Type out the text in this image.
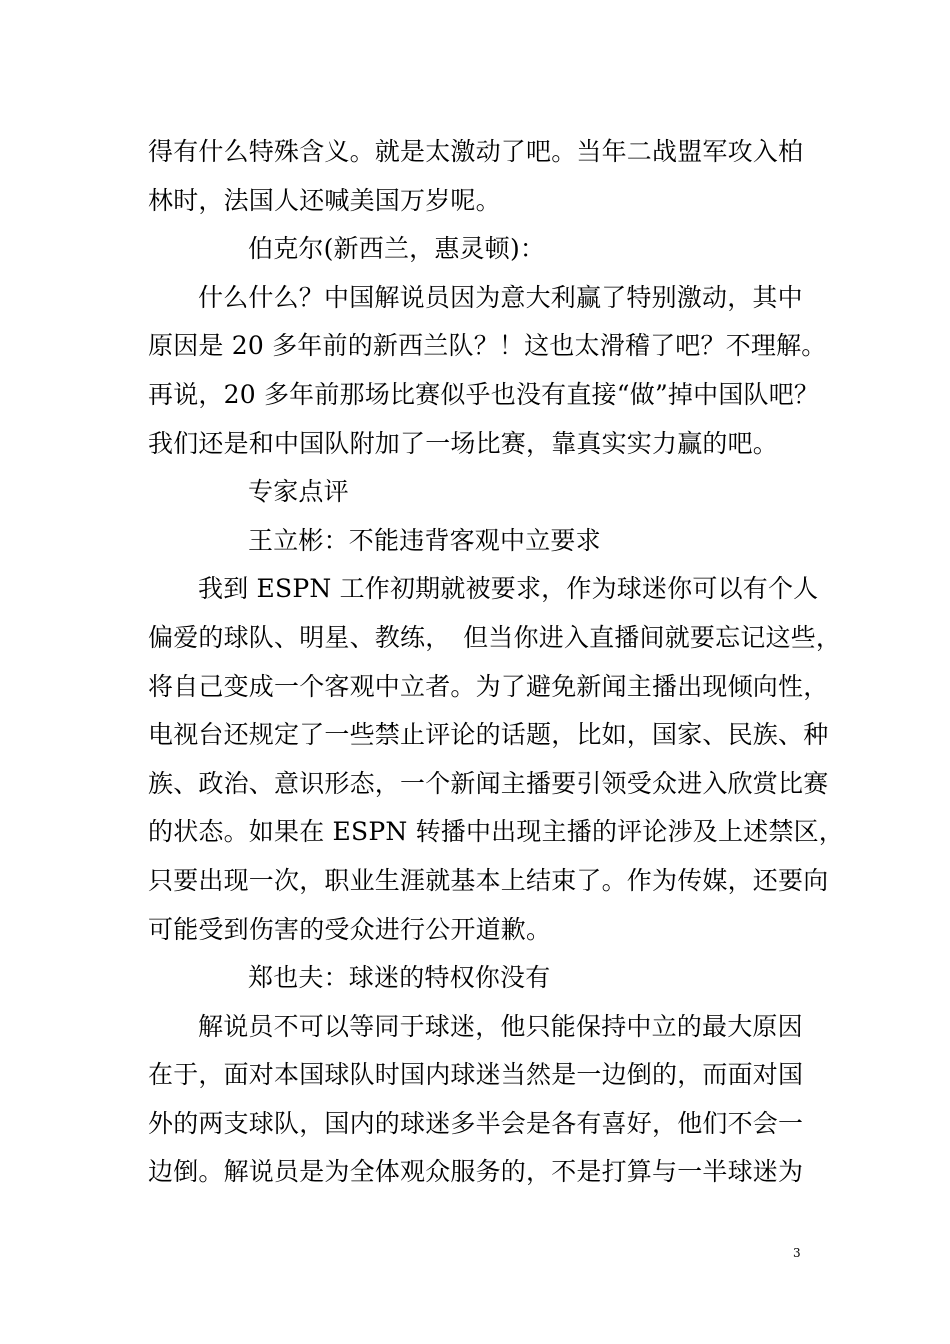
得有什么特殊含义。就是太激动了吧。当年二战盟军攻入柏
林时，法国人还喊美国万岁呢。
伯克尔(新西兰，惠灵顿)：
什么什么？中国解说员因为意大利赢了特别激动，其中
原因是 20 多年前的新西兰队？！这也太滑稽了吧？不理解。
再说，20 多年前那场比赛似乎也没有直接“做”掉中国队吧？
我们还是和中国队附加了一场比赛，靠真实实力赢的吧。
专家点评
王立彬：不能违背客观中立要求
我到 ESPN 工作初期就被要求，作为球迷你可以有个人
偏爱的球队、明星、教练，　但当你进入直播间就要忘记这些，
将自己变成一个客观中立者。为了避免新闻主播出现倾向性，
电视台还规定了一些禁止评论的话题，比如，国家、民族、种
族、政治、意识形态，一个新闻主播要引领受众进入欣赏比赛
的状态。如果在 ESPN 转播中出现主播的评论涉及上述禁区，
只要出现一次，职业生涯就基本上结束了。作为传媒，还要向
可能受到伤害的受众进行公开道歉。
郑也夫：球迷的特权你没有
解说员不可以等同于球迷，他只能保持中立的最大原因
在于，面对本国球队时国内球迷当然是一边倒的，而面对国
外的两支球队，国内的球迷多半会是各有喜好，他们不会一
边倒。解说员是为全体观众服务的，不是打算与一半球迷为
3
